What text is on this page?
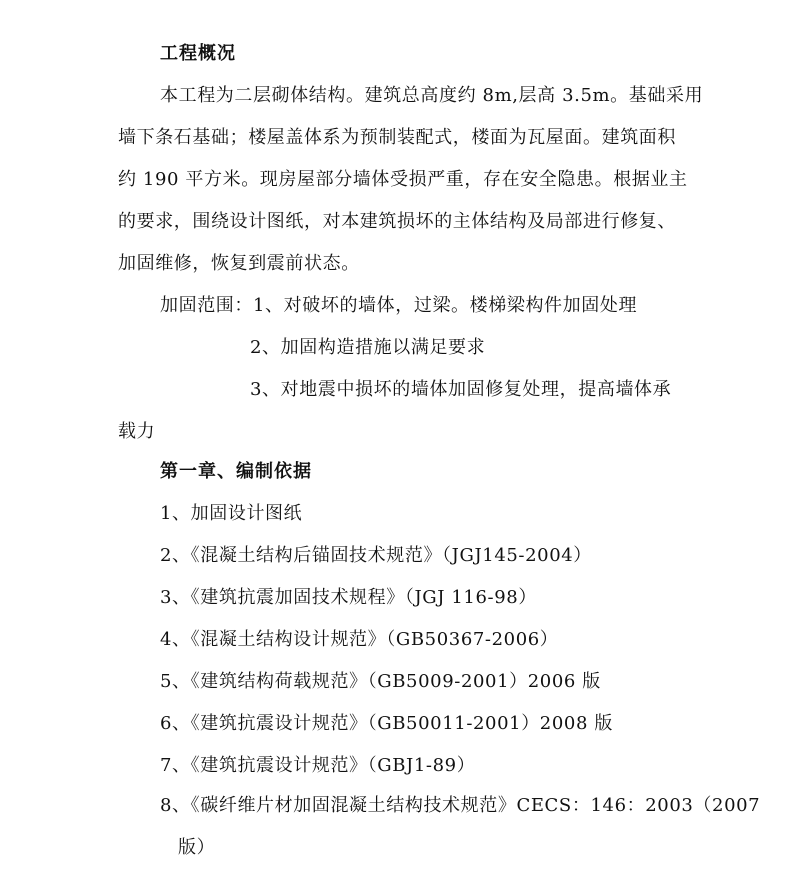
工程概况
本工程为二层砌体结构。建筑总高度约 8m,层高 3.5m。基础采用
墙下条石基础；楼屋盖体系为预制装配式，楼面为瓦屋面。建筑面积
约 190 平方米。现房屋部分墙体受损严重，存在安全隐患。根据业主
的要求，围绕设计图纸，对本建筑损坏的主体结构及局部进行修复、
加固维修，恢复到震前状态。
加固范围：1、对破坏的墙体，过梁。楼梯梁构件加固处理
2、加固构造措施以满足要求
3、对地震中损坏的墙体加固修复处理，提高墙体承
载力
第一章、编制依据
1、加固设计图纸
2、《混凝土结构后锚固技术规范》（JGJ145-2004）
3、《建筑抗震加固技术规程》（JGJ 116-98）
4、《混凝土结构设计规范》（GB50367-2006）
5、《建筑结构荷载规范》（GB5009-2001）2006 版
6、《建筑抗震设计规范》（GB50011-2001）2008 版
7、《建筑抗震设计规范》（GBJ1-89）
8、《碳纤维片材加固混凝土结构技术规范》CECS：146：2003（2007
版）
